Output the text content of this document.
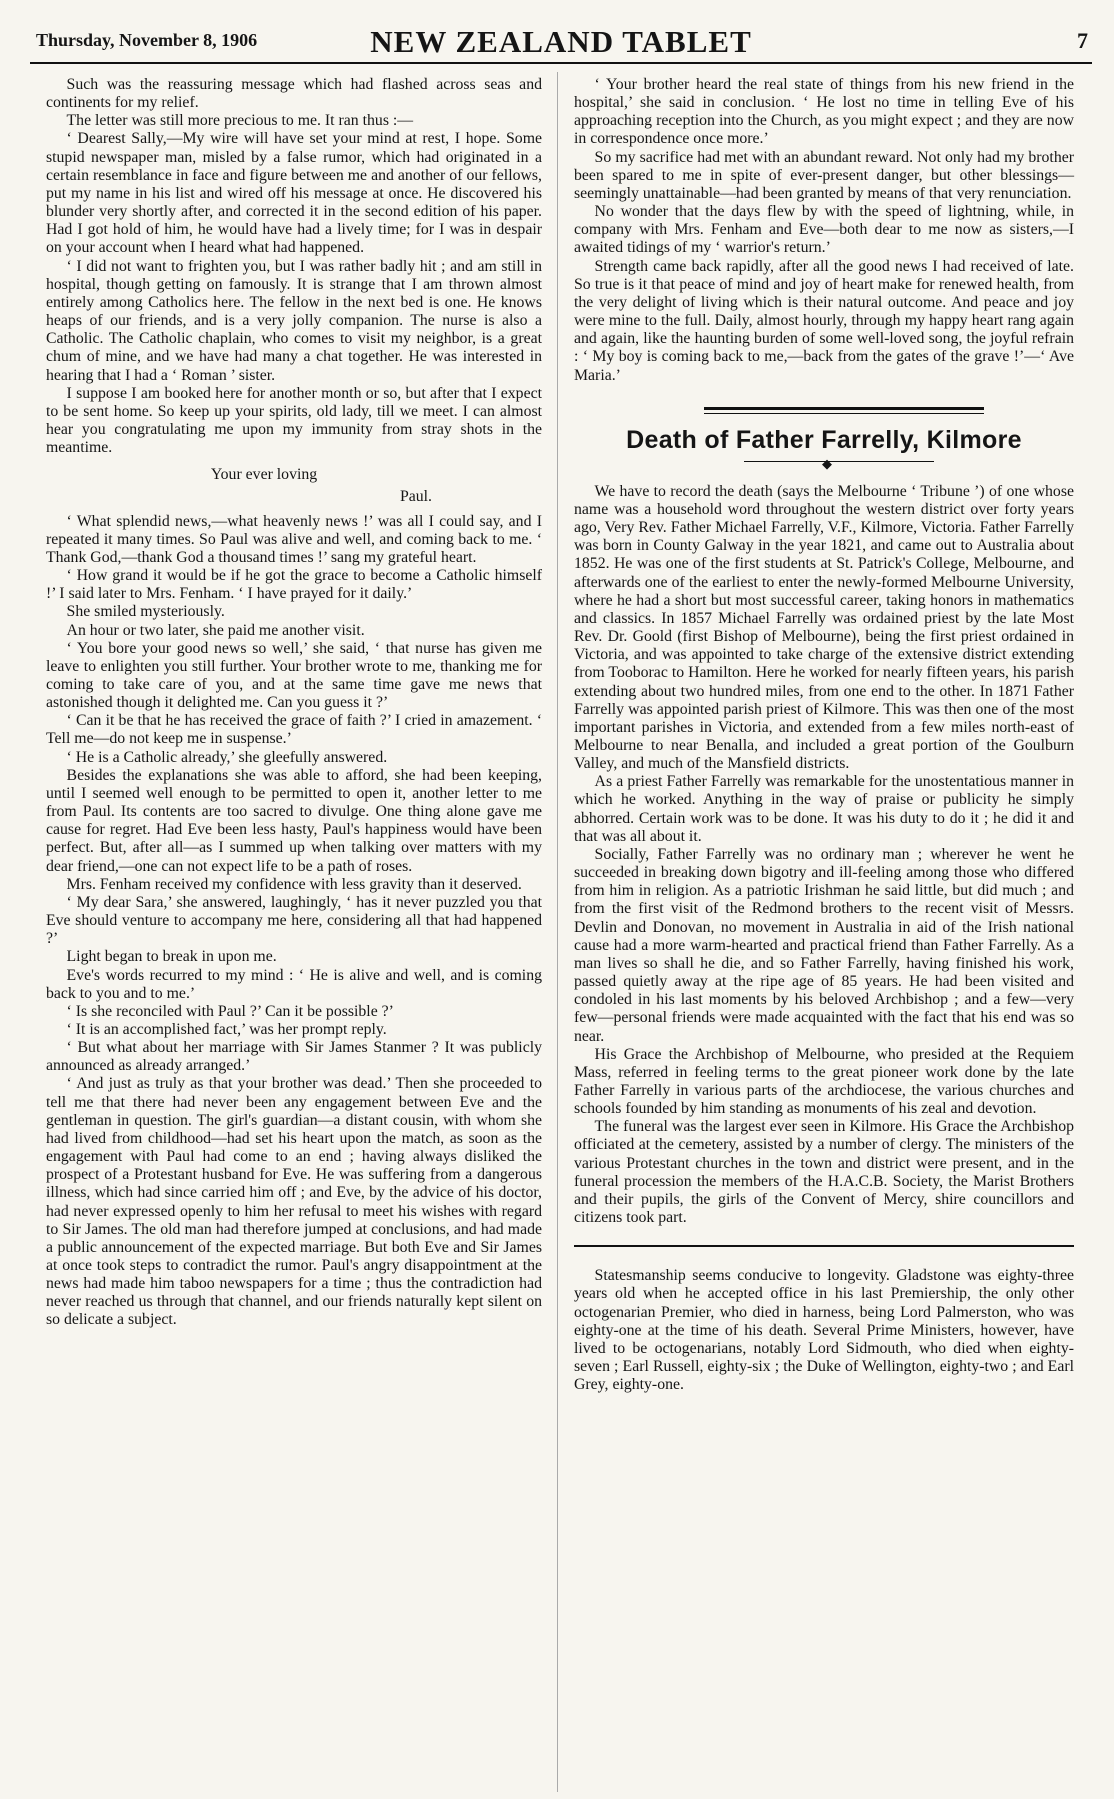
Thursday, November 8, 1906	NEW ZEALAND TABLET	7

Such was the reassuring message which had flashed across seas and continents for my relief.

The letter was still more precious to me. It ran thus :—

‘ Dearest Sally,—My wire will have set your mind at rest, I hope. Some stupid newspaper man, misled by a false rumor, which had originated in a certain resemblance in face and figure between me and another of our fellows, put my name in his list and wired off his message at once. He discovered his blunder very shortly after, and corrected it in the second edition of his paper. Had I got hold of him, he would have had a lively time; for I was in despair on your account when I heard what had happened.

‘ I did not want to frighten you, but I was rather badly hit ; and am still in hospital, though getting on famously. It is strange that I am thrown almost entirely among Catholics here. The fellow in the next bed is one. He knows heaps of our friends, and is a very jolly companion. The nurse is also a Catholic. The Catholic chaplain, who comes to visit my neighbor, is a great chum of mine, and we have had many a chat together. He was interested in hearing that I had a ‘ Roman ’ sister.

I suppose I am booked here for another month or so, but after that I expect to be sent home. So keep up your spirits, old lady, till we meet. I can almost hear you congratulating me upon my immunity from stray shots in the meantime.

Your ever loving

Paul.

‘ What splendid news,—what heavenly news !’ was all I could say, and I repeated it many times. So Paul was alive and well, and coming back to me. ‘ Thank God,—thank God a thousand times !’ sang my grateful heart.

‘ How grand it would be if he got the grace to become a Catholic himself !’ I said later to Mrs. Fenham. ‘ I have prayed for it daily.’

She smiled mysteriously.

An hour or two later, she paid me another visit.

‘ You bore your good news so well,’ she said, ‘ that nurse has given me leave to enlighten you still further. Your brother wrote to me, thanking me for coming to take care of you, and at the same time gave me news that astonished though it delighted me. Can you guess it ?’

‘ Can it be that he has received the grace of faith ?’ I cried in amazement. ‘ Tell me—do not keep me in suspense.’

‘ He is a Catholic already,’ she gleefully answered.

Besides the explanations she was able to afford, she had been keeping, until I seemed well enough to be permitted to open it, another letter to me from Paul. Its contents are too sacred to divulge. One thing alone gave me cause for regret. Had Eve been less hasty, Paul's happiness would have been perfect. But, after all—as I summed up when talking over matters with my dear friend,—one can not expect life to be a path of roses.

Mrs. Fenham received my confidence with less gravity than it deserved.

‘ My dear Sara,’ she answered, laughingly, ‘ has it never puzzled you that Eve should venture to accompany me here, considering all that had happened ?’

Light began to break in upon me.

Eve's words recurred to my mind : ‘ He is alive and well, and is coming back to you and to me.’

‘ Is she reconciled with Paul ?’ Can it be possible ?’

‘ It is an accomplished fact,’ was her prompt reply.

‘ But what about her marriage with Sir James Stanmer ? It was publicly announced as already arranged.’

‘ And just as truly as that your brother was dead.’ Then she proceeded to tell me that there had never been any engagement between Eve and the gentleman in question. The girl's guardian—a distant cousin, with whom she had lived from childhood—had set his heart upon the match, as soon as the engagement with Paul had come to an end ; having always disliked the prospect of a Protestant husband for Eve. He was suffering from a dangerous illness, which had since carried him off ; and Eve, by the advice of his doctor, had never expressed openly to him her refusal to meet his wishes with regard to Sir James. The old man had therefore jumped at conclusions, and had made a public announcement of the expected marriage. But both Eve and Sir James at once took steps to contradict the rumor. Paul's angry disappointment at the news had made him taboo newspapers for a time ; thus the contradiction had never reached us through that channel, and our friends naturally kept silent on so delicate a subject.

‘ Your brother heard the real state of things from his new friend in the hospital,’ she said in conclusion. ‘ He lost no time in telling Eve of his approaching reception into the Church, as you might expect ; and they are now in correspondence once more.’

So my sacrifice had met with an abundant reward. Not only had my brother been spared to me in spite of ever-present danger, but other blessings—seemingly unattainable—had been granted by means of that very renunciation.

No wonder that the days flew by with the speed of lightning, while, in company with Mrs. Fenham and Eve—both dear to me now as sisters,—I awaited tidings of my ‘ warrior's return.’

Strength came back rapidly, after all the good news I had received of late. So true is it that peace of mind and joy of heart make for renewed health, from the very delight of living which is their natural outcome. And peace and joy were mine to the full. Daily, almost hourly, through my happy heart rang again and again, like the haunting burden of some well-loved song, the joyful refrain : ‘ My boy is coming back to me,—back from the gates of the grave !’—‘ Ave Maria.’

Death of Father Farrelly, Kilmore
◆

We have to record the death (says the Melbourne ‘ Tribune ’) of one whose name was a household word throughout the western district over forty years ago, Very Rev. Father Michael Farrelly, V.F., Kilmore, Victoria. Father Farrelly was born in County Galway in the year 1821, and came out to Australia about 1852. He was one of the first students at St. Patrick's College, Melbourne, and afterwards one of the earliest to enter the newly-formed Melbourne University, where he had a short but most successful career, taking honors in mathematics and classics. In 1857 Michael Farrelly was ordained priest by the late Most Rev. Dr. Goold (first Bishop of Melbourne), being the first priest ordained in Victoria, and was appointed to take charge of the extensive district extending from Tooborac to Hamilton. Here he worked for nearly fifteen years, his parish extending about two hundred miles, from one end to the other. In 1871 Father Farrelly was appointed parish priest of Kilmore. This was then one of the most important parishes in Victoria, and extended from a few miles north-east of Melbourne to near Benalla, and included a great portion of the Goulburn Valley, and much of the Mansfield districts.

As a priest Father Farrelly was remarkable for the unostentatious manner in which he worked. Anything in the way of praise or publicity he simply abhorred. Certain work was to be done. It was his duty to do it ; he did it and that was all about it.

Socially, Father Farrelly was no ordinary man ; wherever he went he succeeded in breaking down bigotry and ill-feeling among those who differed from him in religion. As a patriotic Irishman he said little, but did much ; and from the first visit of the Redmond brothers to the recent visit of Messrs. Devlin and Donovan, no movement in Australia in aid of the Irish national cause had a more warm-hearted and practical friend than Father Farrelly. As a man lives so shall he die, and so Father Farrelly, having finished his work, passed quietly away at the ripe age of 85 years. He had been visited and condoled in his last moments by his beloved Archbishop ; and a few—very few—personal friends were made acquainted with the fact that his end was so near.

His Grace the Archbishop of Melbourne, who presided at the Requiem Mass, referred in feeling terms to the great pioneer work done by the late Father Farrelly in various parts of the archdiocese, the various churches and schools founded by him standing as monuments of his zeal and devotion.

The funeral was the largest ever seen in Kilmore. His Grace the Archbishop officiated at the cemetery, assisted by a number of clergy. The ministers of the various Protestant churches in the town and district were present, and in the funeral procession the members of the H.A.C.B. Society, the Marist Brothers and their pupils, the girls of the Convent of Mercy, shire councillors and citizens took part.

Statesmanship seems conducive to longevity. Gladstone was eighty-three years old when he accepted office in his last Premiership, the only other octogenarian Premier, who died in harness, being Lord Palmerston, who was eighty-one at the time of his death. Several Prime Ministers, however, have lived to be octogenarians, notably Lord Sidmouth, who died when eighty-seven ; Earl Russell, eighty-six ; the Duke of Wellington, eighty-two ; and Earl Grey, eighty-one.
